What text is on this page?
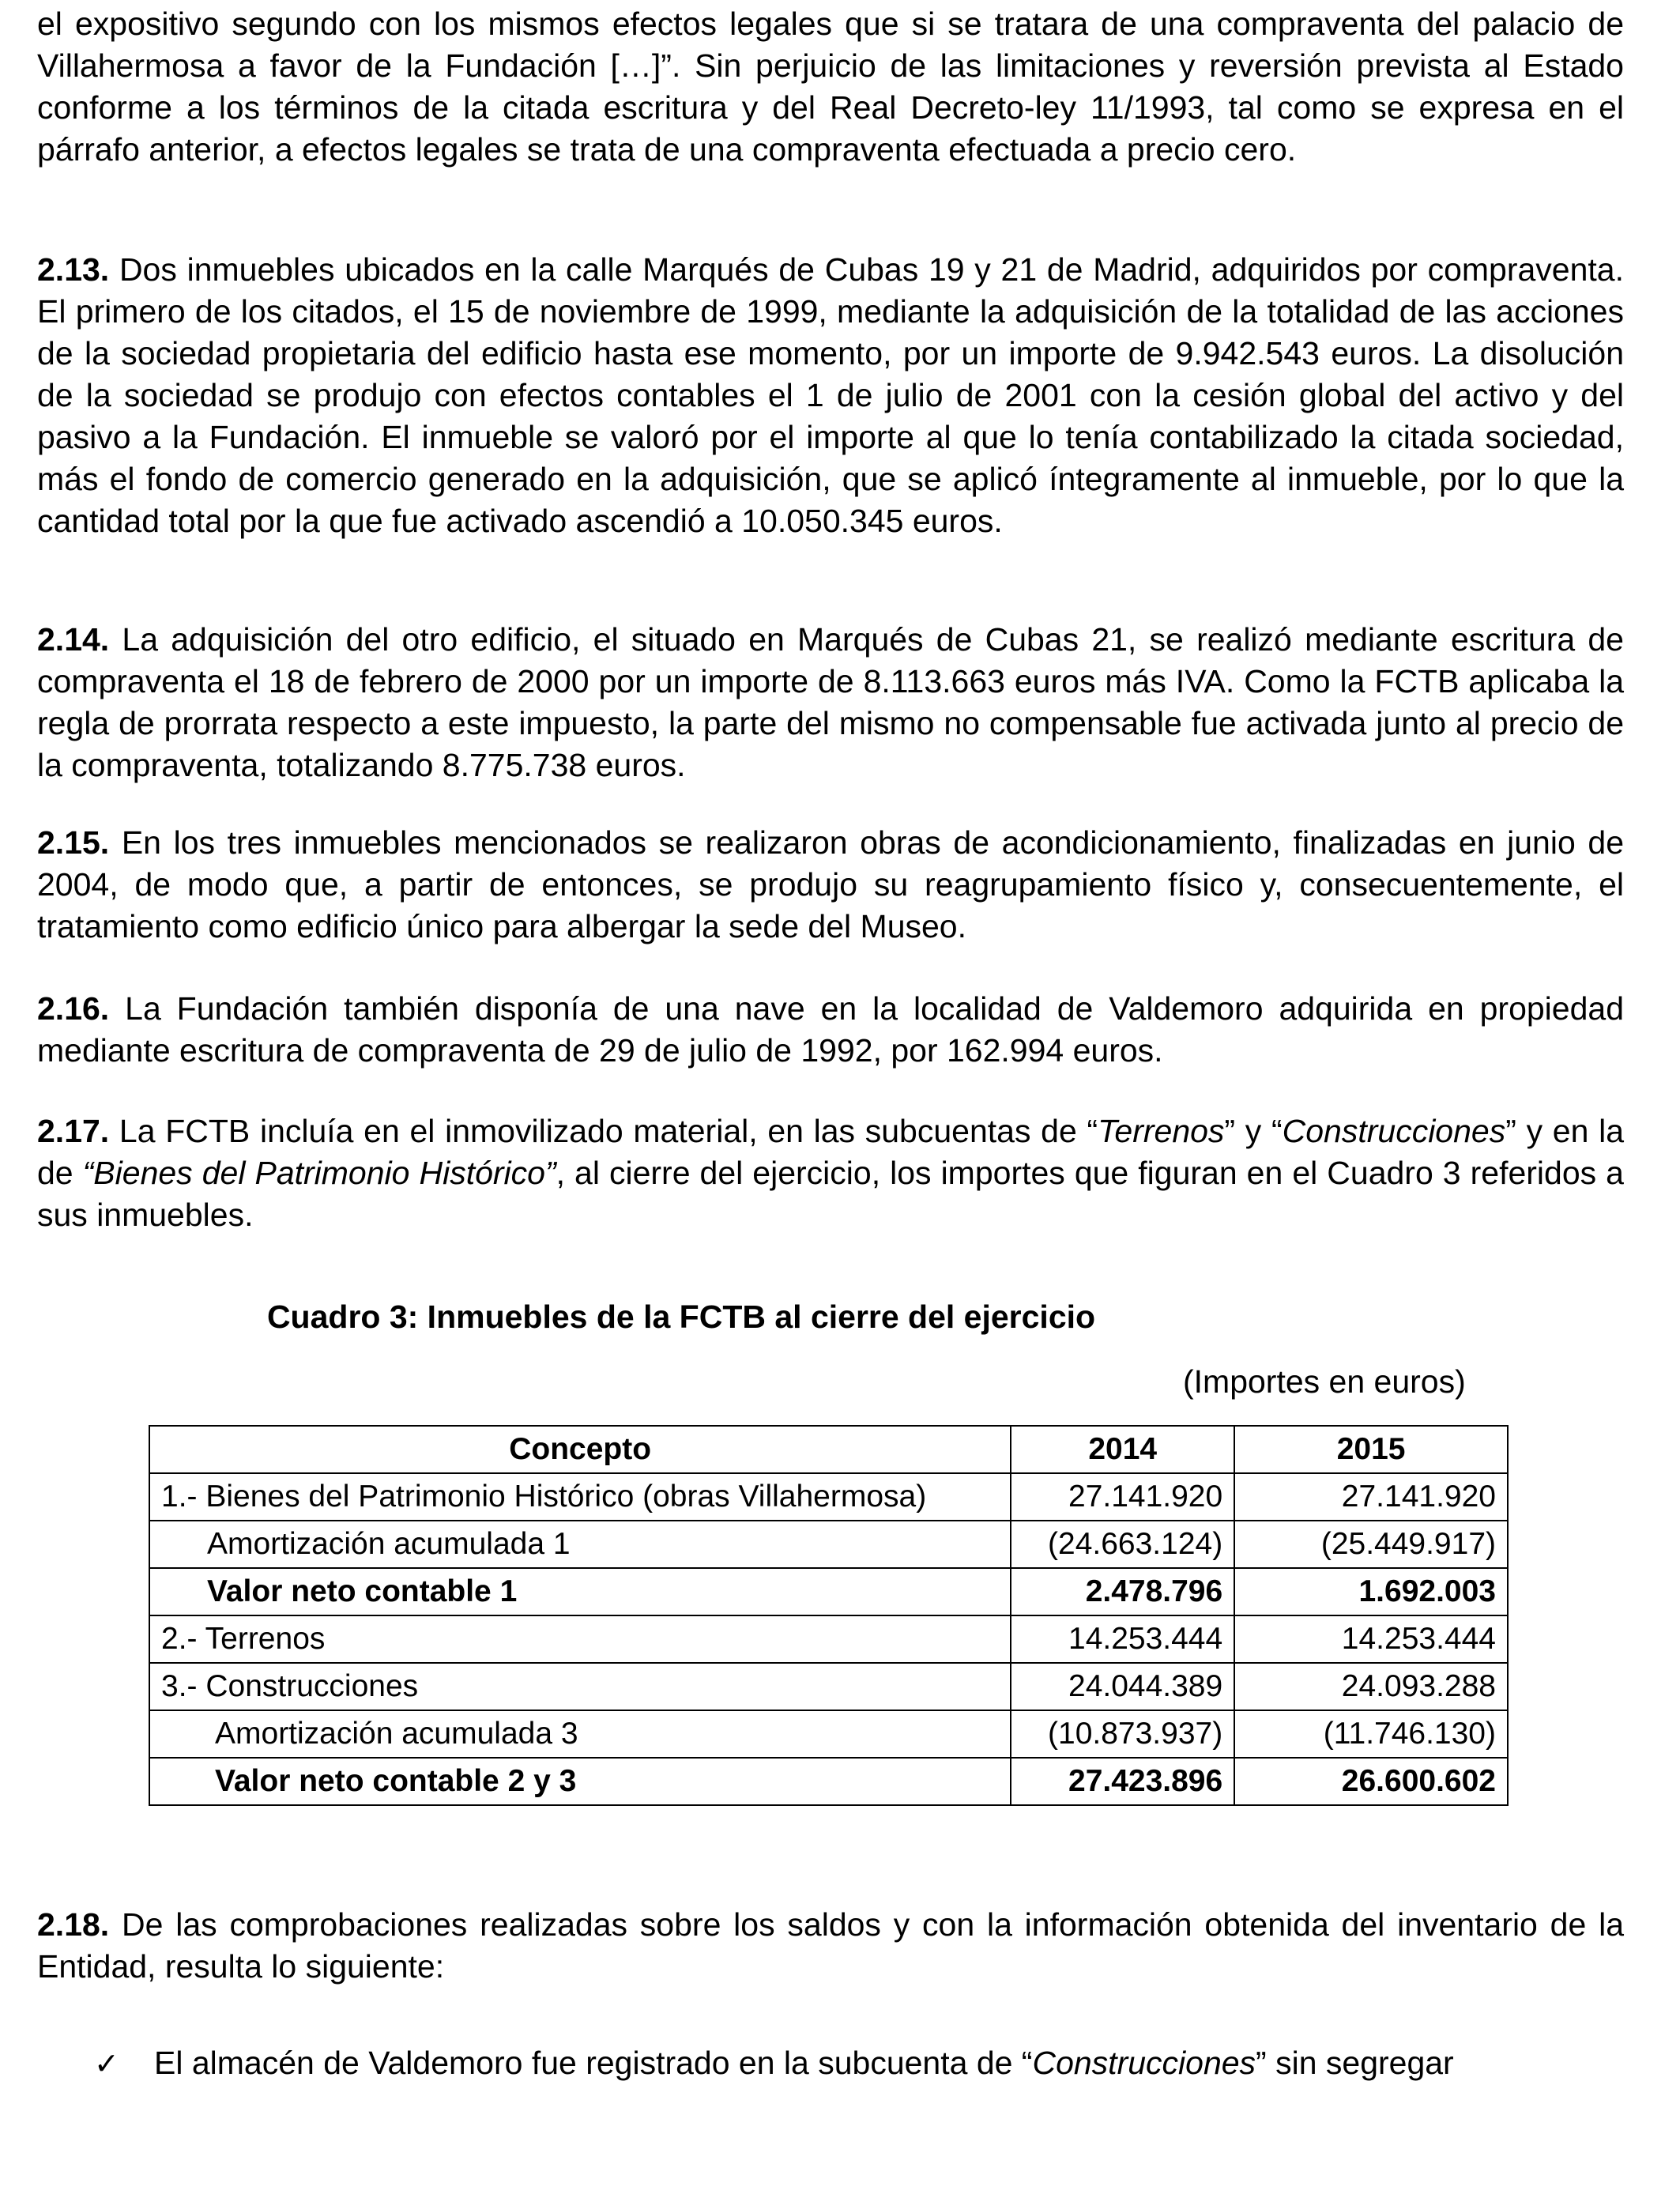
el expositivo segundo con los mismos efectos legales que si se tratara de una compraventa del palacio de Villahermosa a favor de la Fundación […]”. Sin perjuicio de las limitaciones y reversión prevista al Estado conforme a los términos de la citada escritura y del Real Decreto-ley 11/1993, tal como se expresa en el párrafo anterior, a efectos legales se trata de una compraventa efectuada a precio cero.

2.13. Dos inmuebles ubicados en la calle Marqués de Cubas 19 y 21 de Madrid, adquiridos por compraventa. El primero de los citados, el 15 de noviembre de 1999, mediante la adquisición de la totalidad de las acciones de la sociedad propietaria del edificio hasta ese momento, por un importe de 9.942.543 euros. La disolución de la sociedad se produjo con efectos contables el 1 de julio de 2001 con la cesión global del activo y del pasivo a la Fundación. El inmueble se valoró por el importe al que lo tenía contabilizado la citada sociedad, más el fondo de comercio generado en la adquisición, que se aplicó íntegramente al inmueble, por lo que la cantidad total por la que fue activado ascendió a 10.050.345 euros.

2.14. La adquisición del otro edificio, el situado en Marqués de Cubas 21, se realizó mediante escritura de compraventa el 18 de febrero de 2000 por un importe de 8.113.663 euros más IVA. Como la FCTB aplicaba la regla de prorrata respecto a este impuesto, la parte del mismo no compensable fue activada junto al precio de la compraventa, totalizando 8.775.738 euros.

2.15. En los tres inmuebles mencionados se realizaron obras de acondicionamiento, finalizadas en junio de 2004, de modo que, a partir de entonces, se produjo su reagrupamiento físico y, consecuentemente, el tratamiento como edificio único para albergar la sede del Museo.

2.16. La Fundación también disponía de una nave en la localidad de Valdemoro adquirida en propiedad mediante escritura de compraventa de 29 de julio de 1992, por 162.994 euros.

2.17. La FCTB incluía en el inmovilizado material, en las subcuentas de “Terrenos” y “Construcciones” y en la de “Bienes del Patrimonio Histórico”, al cierre del ejercicio, los importes que figuran en el Cuadro 3 referidos a sus inmuebles.

Cuadro 3: Inmuebles de la FCTB al cierre del ejercicio
(Importes en euros)
Concepto	2014	2015
1.- Bienes del Patrimonio Histórico (obras Villahermosa)	27.141.920	27.141.920
Amortización acumulada 1	(24.663.124)	(25.449.917)
Valor neto contable 1	2.478.796	1.692.003
2.- Terrenos	14.253.444	14.253.444
3.- Construcciones	24.044.389	24.093.288
Amortización acumulada 3	(10.873.937)	(11.746.130)
Valor neto contable 2 y 3	27.423.896	26.600.602

2.18. De las comprobaciones realizadas sobre los saldos y con la información obtenida del inventario de la Entidad, resulta lo siguiente:

✓ El almacén de Valdemoro fue registrado en la subcuenta de “Construcciones” sin segregar
